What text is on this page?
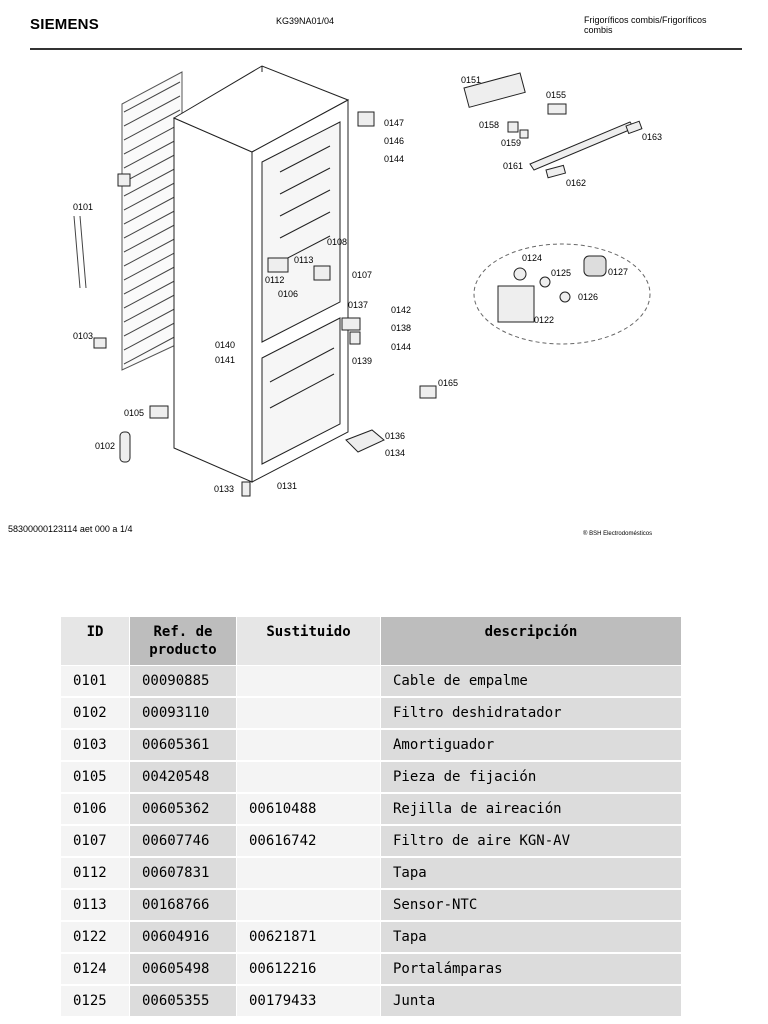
SIEMENS	KG39NA01/04	Frigoríficos combis/Frigoríficos combis
0151
0155
0158
0159
0161
0162
0163
0147
0146
0144
0101
0108
0113
0112
0106
0107
0137	0142
0138
0144
0139
0140
0141
0103
0105
0102
0165
0136
0134
0133	0131
0124
0125	0127
0126
0122
58300000123114 aet 000 a 1/4	® BSH Electrodomésticos
ID	Ref. de producto	Sustituido	descripción
0101	00090885		Cable de empalme
0102	00093110		Filtro deshidratador
0103	00605361		Amortiguador
0105	00420548		Pieza de fijación
0106	00605362	00610488	Rejilla de aireación
0107	00607746	00616742	Filtro de aire KGN-AV
0112	00607831		Tapa
0113	00168766		Sensor-NTC
0122	00604916	00621871	Tapa
0124	00605498	00612216	Portalámparas
0125	00605355	00179433	Junta
